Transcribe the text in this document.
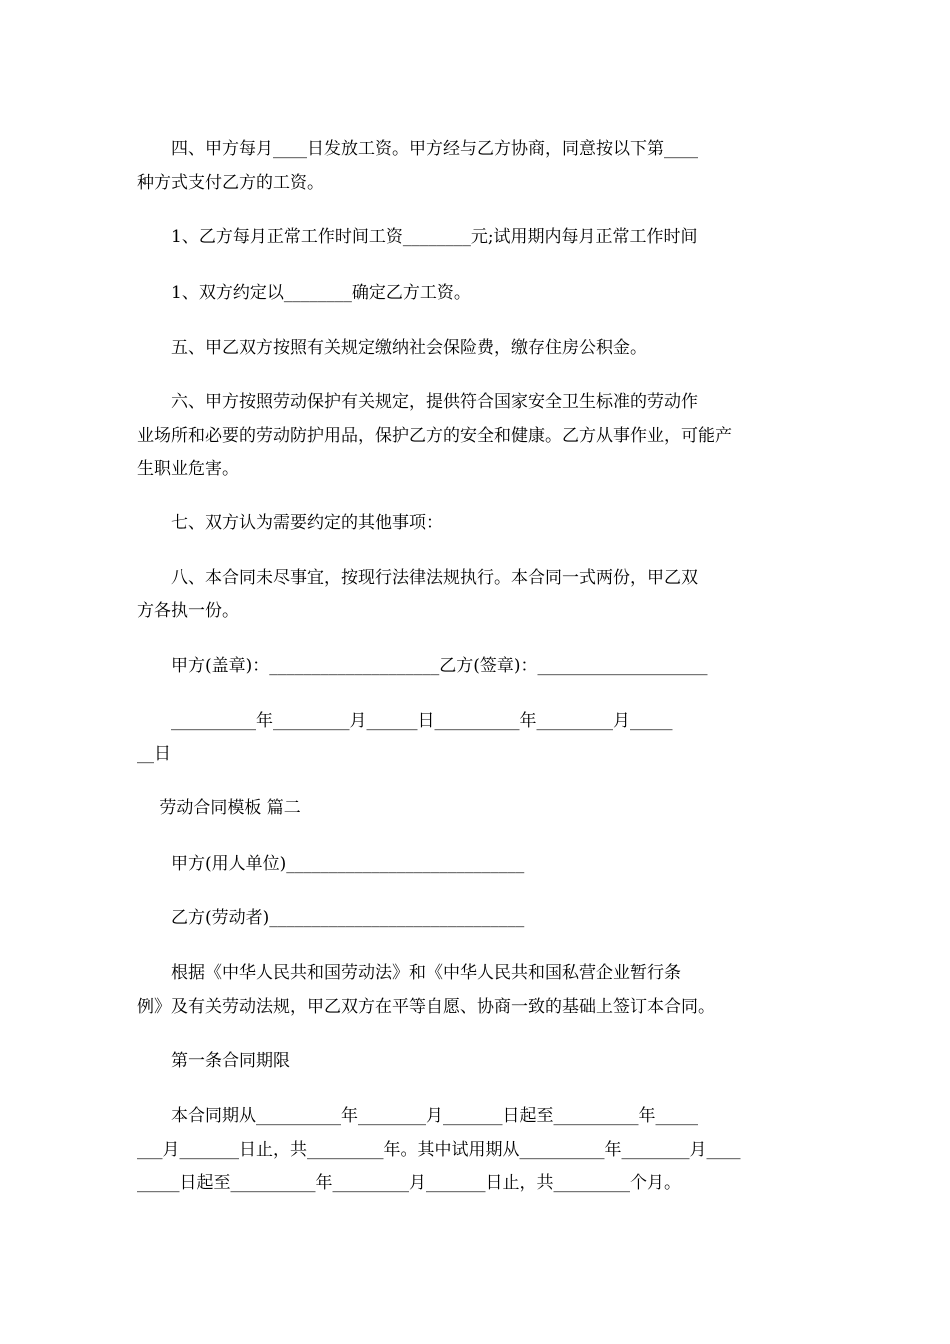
　　四、甲方每月____日发放工资。甲方经与乙方协商，同意按以下第____
种方式支付乙方的工资。
　　1、乙方每月正常工作时间工资________元;试用期内每月正常工作时间
　　1、双方约定以________确定乙方工资。
　　五、甲乙双方按照有关规定缴纳社会保险费，缴存住房公积金。
　　六、甲方按照劳动保护有关规定，提供符合国家安全卫生标准的劳动作
业场所和必要的劳动防护用品，保护乙方的安全和健康。乙方从事作业，可能产
生职业危害。
　　七、双方认为需要约定的其他事项：
　　八、本合同未尽事宜，按现行法律法规执行。本合同一式两份，甲乙双
方各执一份。
　　甲方(盖章)：____________________乙方(签章)：____________________
　　__________年_________月______日__________年_________月_____
__日
　 劳动合同模板 篇二
　　甲方(用人单位)____________________________
　　乙方(劳动者)______________________________
　　根据《中华人民共和国劳动法》和《中华人民共和国私营企业暂行条
例》及有关劳动法规，甲乙双方在平等自愿、协商一致的基础上签订本合同。
　　第一条合同期限
　　本合同期从__________年________月_______日起至__________年_____
___月_______日止，共_________年。其中试用期从__________年________月____
_____日起至__________年_________月_______日止，共_________个月。
